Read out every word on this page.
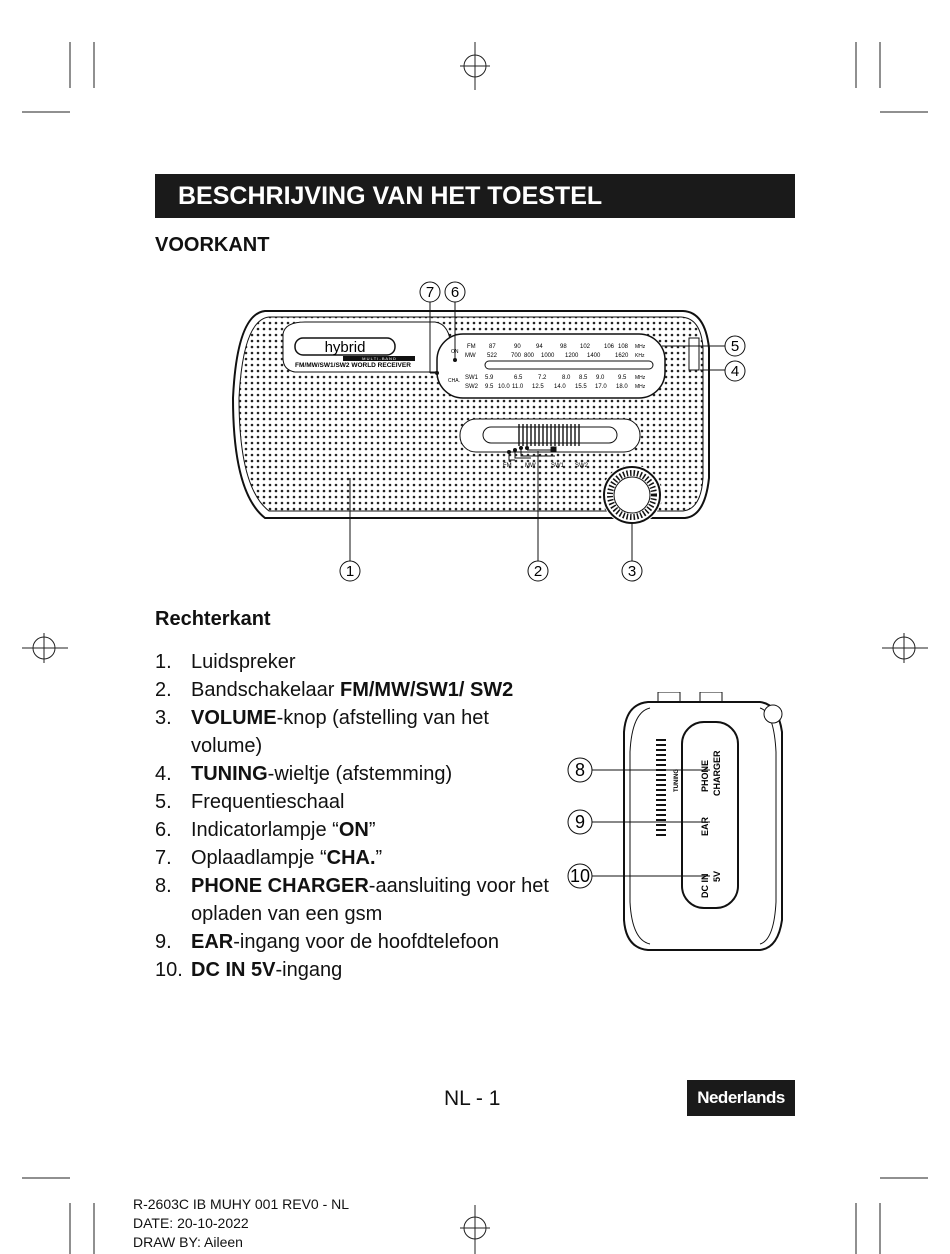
BESCHRIJVING VAN HET TOESTEL
VOORKANT
hybrid
M U L T I - B A N D
FM/MW/SW1/SW2 WORLD RECEIVER
ON
CHA.
FM 87	90	94	98 102 106 108 MHz
MW 522 700 800 1000 1200 1400 1620 KHz
SW1 5.9	6.5	7.2	8.0 8.5 9.0 9.5 MHz
SW2 9.5 10.0 11.0 12.5 14.0 15.5 17.0 18.0 MHz
FM MW	SW1 SW2
1	2	3
4
5
6
7
Rechterkant
1. Luidspreker
2. Bandschakelaar FM/MW/SW1/ SW2
3. VOLUME-knop (afstelling van het volume)
4. TUNING-wieltje (afstemming)
5. Frequentieschaal
6. Indicatorlampje “ON”
7. Oplaadlampje “CHA.”
8. PHONE CHARGER-aansluiting voor het opladen van een gsm
9. EAR-ingang voor de hoofdtelefoon
10. DC IN 5V-ingang
TUNING PHONE CHARGER
EAR
DC IN 5V
8
9
10
NL - 1	Nederlands
R-2603C IB MUHY 001 REV0 - NL
DATE: 20-10-2022
DRAW BY: Aileen
